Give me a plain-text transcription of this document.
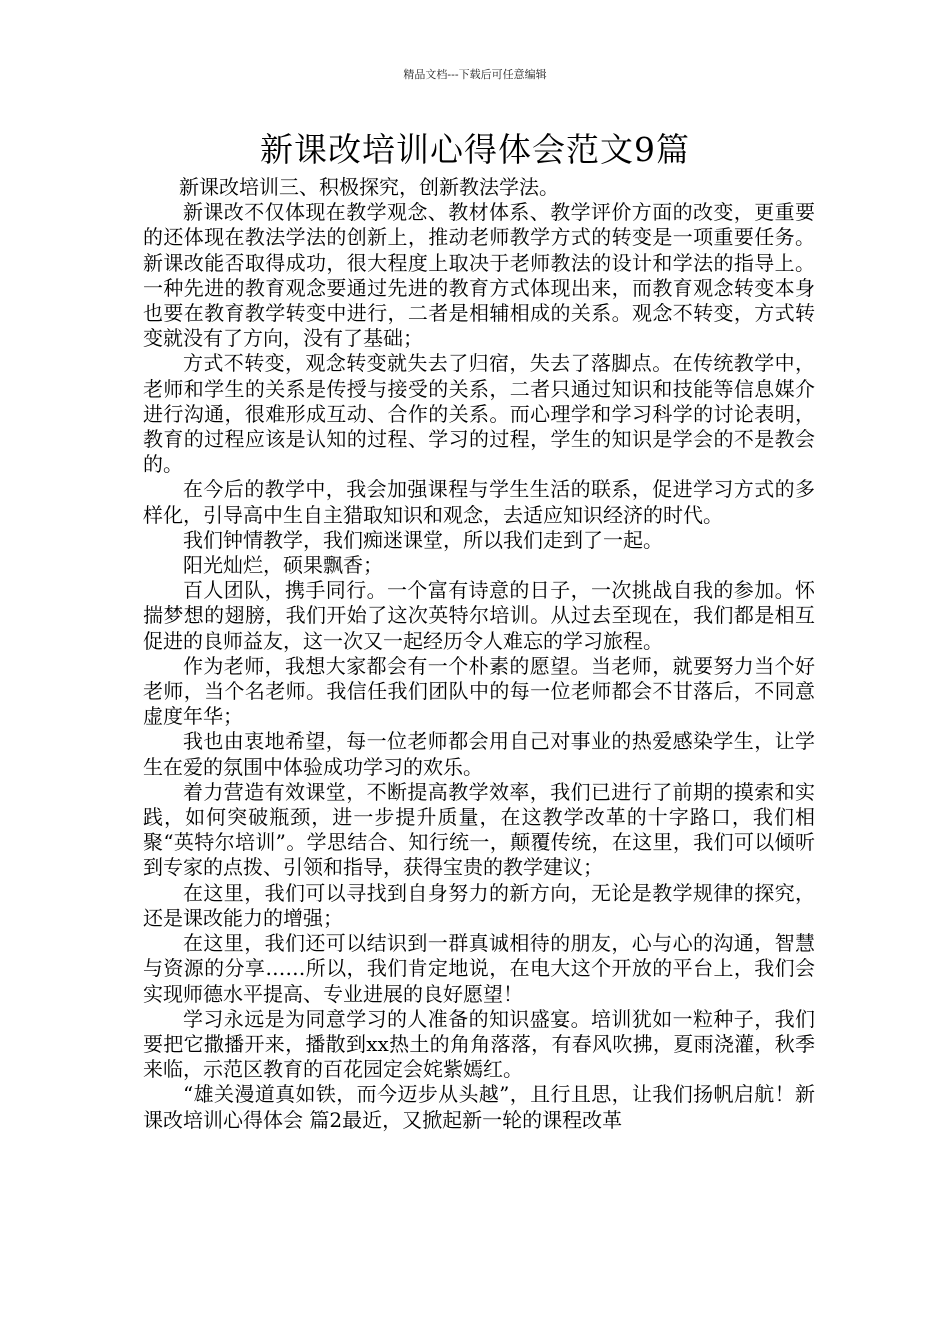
精品文档---下载后可任意编辑
新课改培训心得体会范文9篇

新课改培训三、积极探究，创新教法学法。

新课改不仅体现在教学观念、教材体系、教学评价方面的改变，更重要的还体现在教法学法的创新上，推动老师教学方式的转变是一项重要任务。新课改能否取得成功，很大程度上取决于老师教法的设计和学法的指导上。一种先进的教育观念要通过先进的教育方式体现出来，而教育观念转变本身也要在教育教学转变中进行，二者是相辅相成的关系。观念不转变，方式转变就没有了方向，没有了基础；

方式不转变，观念转变就失去了归宿，失去了落脚点。在传统教学中，老师和学生的关系是传授与接受的关系，二者只通过知识和技能等信息媒介进行沟通，很难形成互动、合作的关系。而心理学和学习科学的讨论表明，教育的过程应该是认知的过程、学习的过程，学生的知识是学会的不是教会的。

在今后的教学中，我会加强课程与学生生活的联系，促进学习方式的多样化，引导高中生自主猎取知识和观念，去适应知识经济的时代。

我们钟情教学，我们痴迷课堂，所以我们走到了一起。

阳光灿烂，硕果飘香；

百人团队，携手同行。一个富有诗意的日子，一次挑战自我的参加。怀揣梦想的翅膀，我们开始了这次英特尔培训。从过去至现在，我们都是相互促进的良师益友，这一次又一起经历令人难忘的学习旅程。

作为老师，我想大家都会有一个朴素的愿望。当老师，就要努力当个好老师，当个名老师。我信任我们团队中的每一位老师都会不甘落后，不同意虚度年华；

我也由衷地希望，每一位老师都会用自己对事业的热爱感染学生，让学生在爱的氛围中体验成功学习的欢乐。

着力营造有效课堂，不断提高教学效率，我们已进行了前期的摸索和实践，如何突破瓶颈，进一步提升质量，在这教学改革的十字路口，我们相聚“英特尔培训”。学思结合、知行统一，颠覆传统，在这里，我们可以倾听到专家的点拨、引领和指导，获得宝贵的教学建议；

在这里，我们可以寻找到自身努力的新方向，无论是教学规律的探究，还是课改能力的增强；

在这里，我们还可以结识到一群真诚相待的朋友，心与心的沟通，智慧与资源的分享……所以，我们肯定地说，在电大这个开放的平台上，我们会实现师德水平提高、专业进展的良好愿望！

学习永远是为同意学习的人准备的知识盛宴。培训犹如一粒种子，我们要把它撒播开来，播散到xx热土的角角落落，有春风吹拂，夏雨浇灌，秋季来临，示范区教育的百花园定会姹紫嫣红。

“雄关漫道真如铁，而今迈步从头越”，且行且思，让我们扬帆启航！新课改培训心得体会 篇2最近，又掀起新一轮的课程改革
